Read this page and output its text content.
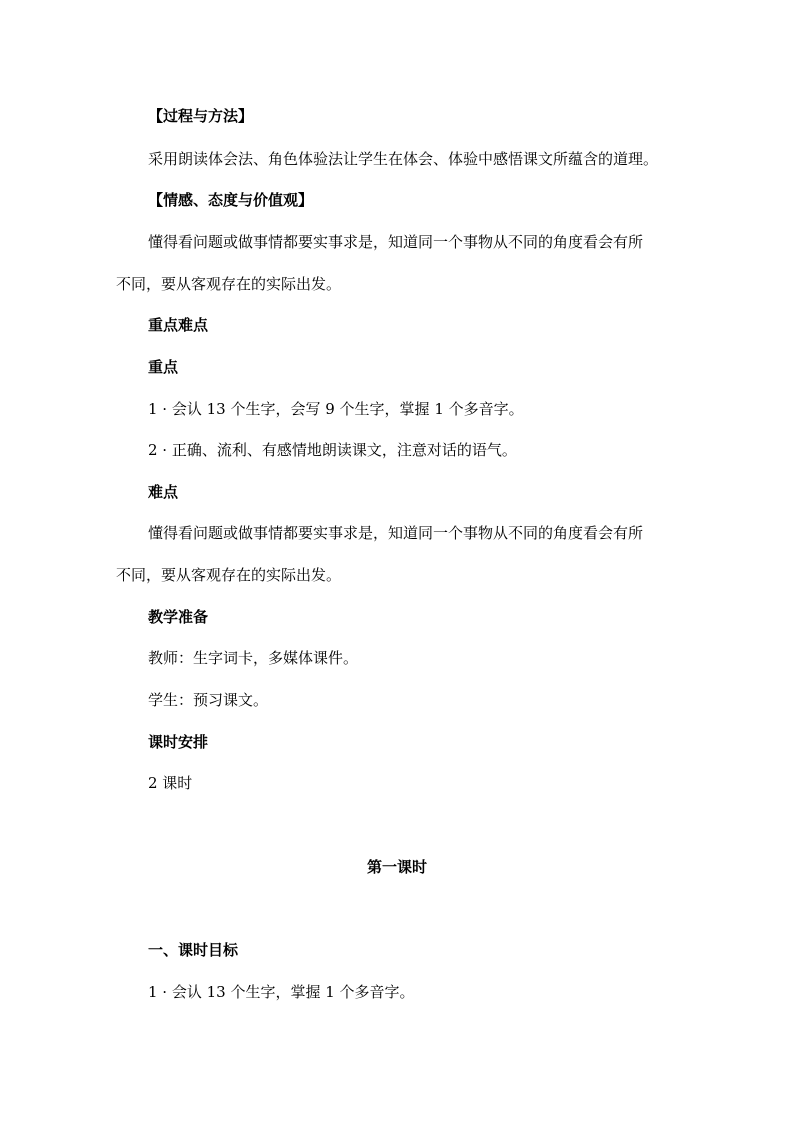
【过程与方法】
采用朗读体会法、角色体验法让学生在体会、体验中感悟课文所蕴含的道理。
【情感、态度与价值观】
懂得看问题或做事情都要实事求是，知道同一个事物从不同的角度看会有所
不同，要从客观存在的实际出发。
重点难点
重点
1 · 会认 13 个生字，会写 9 个生字，掌握 1 个多音字。
2 · 正确、流利、有感情地朗读课文，注意对话的语气。
难点
懂得看问题或做事情都要实事求是，知道同一个事物从不同的角度看会有所
不同，要从客观存在的实际出发。
教学准备
教师：生字词卡，多媒体课件。
学生：预习课文。
课时安排
2 课时
第一课时
一、课时目标
1 · 会认 13 个生字，掌握 1 个多音字。
